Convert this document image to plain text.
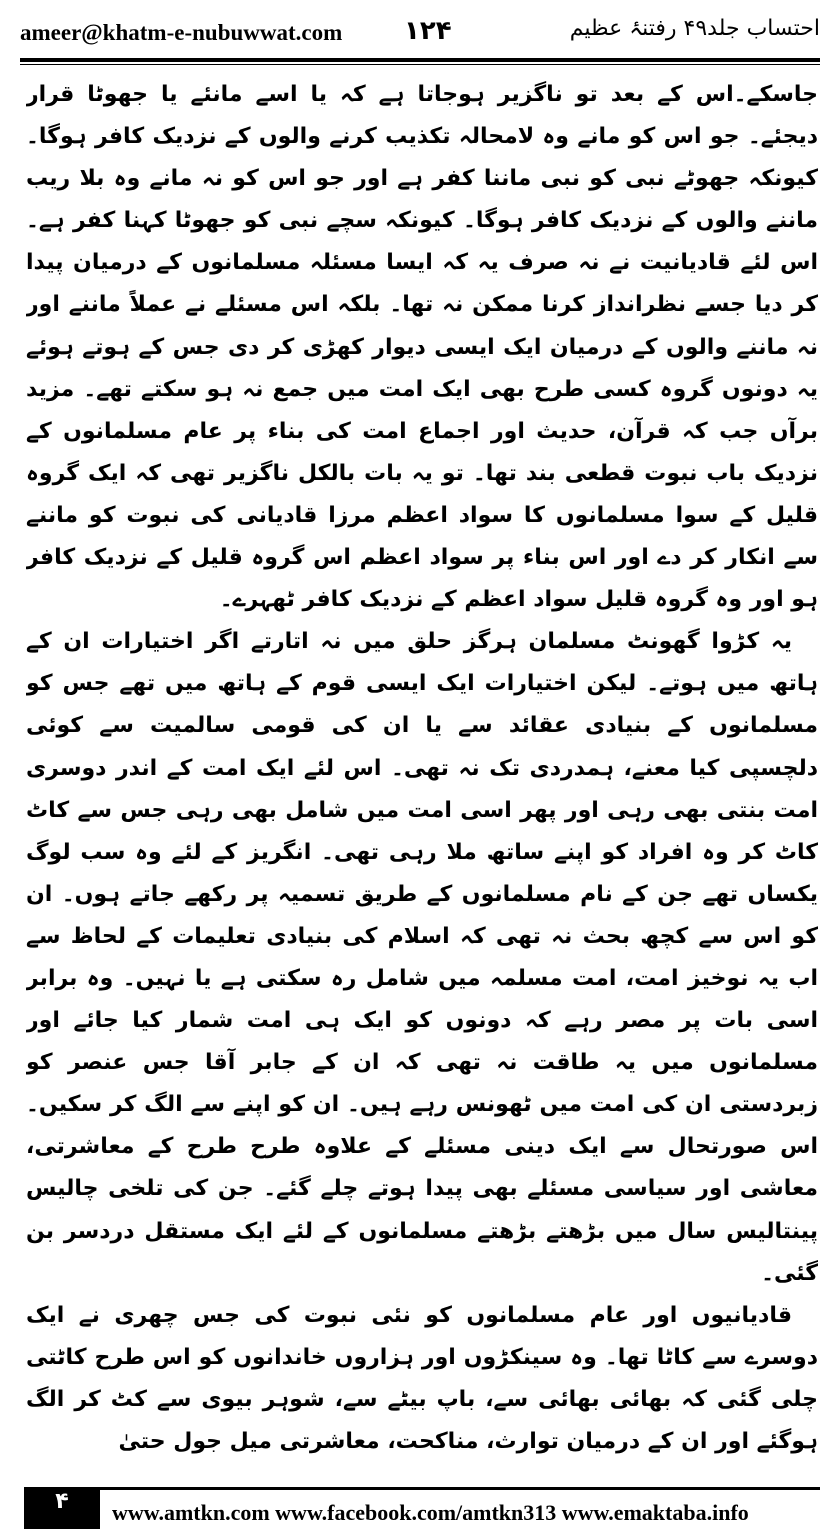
ameer@khatm-e-nubuwwat.com ۱۲۴	احتساب جلد۴۹ رفتنۂ عظیم

جاسکے۔اس کے بعد تو ناگزیر ہوجاتا ہے کہ یا اسے مانئے یا جھوٹا قرار دیجئے۔ جو اس کو مانے وہ لامحالہ تکذیب کرنے والوں کے نزدیک کافر ہوگا۔ کیونکہ جھوٹے نبی کو نبی ماننا کفر ہے اور جو اس کو نہ مانے وہ بلا ریب ماننے والوں کے نزدیک کافر ہوگا۔ کیونکہ سچے نبی کو جھوٹا کہنا کفر ہے۔ اس لئے قادیانیت نے نہ صرف یہ کہ ایسا مسئلہ مسلمانوں کے درمیان پیدا کر دیا جسے نظرانداز کرنا ممکن نہ تھا۔ بلکہ اس مسئلے نے عملاً ماننے اور نہ ماننے والوں کے درمیان ایک ایسی دیوار کھڑی کر دی جس کے ہوتے ہوئے یہ دونوں گروہ کسی طرح بھی ایک امت میں جمع نہ ہو سکتے تھے۔ مزید برآں جب کہ قرآن، حدیث اور اجماع امت کی بناء پر عام مسلمانوں کے نزدیک باب نبوت قطعی بند تھا۔ تو یہ بات بالکل ناگزیر تھی کہ ایک گروہ قلیل کے سوا مسلمانوں کا سواد اعظم مرزا قادیانی کی نبوت کو ماننے سے انکار کر دے اور اس بناء پر سواد اعظم اس گروہ قلیل کے نزدیک کافر ہو اور وہ گروہ قلیل سواد اعظم کے نزدیک کافر ٹھہرے۔

یہ کڑوا گھونٹ مسلمان ہرگز حلق میں نہ اتارتے اگر اختیارات ان کے ہاتھ میں ہوتے۔ لیکن اختیارات ایک ایسی قوم کے ہاتھ میں تھے جس کو مسلمانوں کے بنیادی عقائد سے یا ان کی قومی سالمیت سے کوئی دلچسپی کیا معنے، ہمدردی تک نہ تھی۔ اس لئے ایک امت کے اندر دوسری امت بنتی بھی رہی اور پھر اسی امت میں شامل بھی رہی جس سے کاٹ کاٹ کر وہ افراد کو اپنے ساتھ ملا رہی تھی۔ انگریز کے لئے وہ سب لوگ یکساں تھے جن کے نام مسلمانوں کے طریق تسمیہ پر رکھے جاتے ہوں۔ ان کو اس سے کچھ بحث نہ تھی کہ اسلام کی بنیادی تعلیمات کے لحاظ سے اب یہ نوخیز امت، امت مسلمہ میں شامل رہ سکتی ہے یا نہیں۔ وہ برابر اسی بات پر مصر رہے کہ دونوں کو ایک ہی امت شمار کیا جائے اور مسلمانوں میں یہ طاقت نہ تھی کہ ان کے جابر آقا جس عنصر کو زبردستی ان کی امت میں ٹھونس رہے ہیں۔ ان کو اپنے سے الگ کر سکیں۔ اس صورتحال سے ایک دینی مسئلے کے علاوہ طرح طرح کے معاشرتی، معاشی اور سیاسی مسئلے بھی پیدا ہوتے چلے گئے۔ جن کی تلخی چالیس پینتالیس سال میں بڑھتے بڑھتے مسلمانوں کے لئے ایک مستقل دردسر بن گئی۔

قادیانیوں اور عام مسلمانوں کو نئی نبوت کی جس چھری نے ایک دوسرے سے کاٹا تھا۔ وہ سینکڑوں اور ہزاروں خاندانوں کو اس طرح کاٹتی چلی گئی کہ بھائی بھائی سے، باپ بیٹے سے، شوہر بیوی سے کٹ کر الگ ہوگئے اور ان کے درمیان توارث، مناکحت، معاشرتی میل جول حتیٰ

۴	www.amtkn.com www.facebook.com/amtkn313 www.emaktaba.info
